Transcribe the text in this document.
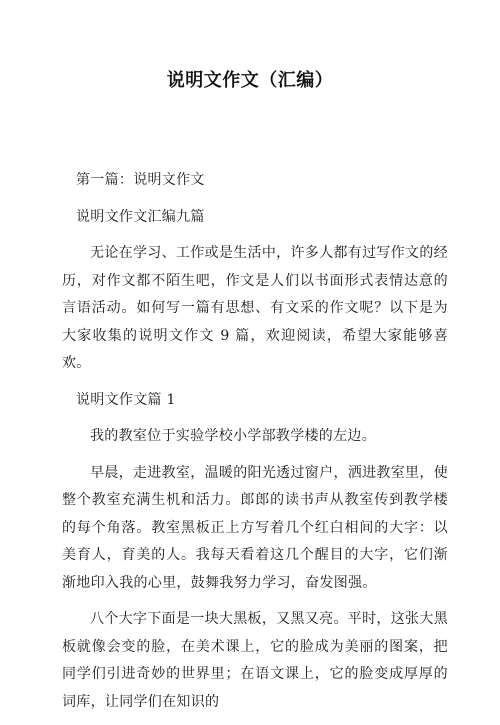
说明文作文（汇编）

第一篇：说明文作文

说明文作文汇编九篇

无论在学习、工作或是生活中，许多人都有过写作文的经历，对作文都不陌生吧，作文是人们以书面形式表情达意的言语活动。如何写一篇有思想、有文采的作文呢？以下是为大家收集的说明文作文 9 篇，欢迎阅读，希望大家能够喜欢。

说明文作文篇 1

我的教室位于实验学校小学部教学楼的左边。

早晨，走进教室，温暖的阳光透过窗户，洒进教室里，使整个教室充满生机和活力。郎郎的读书声从教室传到教学楼的每个角落。教室黑板正上方写着几个红白相间的大字：以美育人，育美的人。我每天看着这几个醒目的大字，它们渐渐地印入我的心里，鼓舞我努力学习，奋发图强。

八个大字下面是一块大黑板，又黑又亮。平时，这张大黑板就像会变的脸，在美术课上，它的脸成为美丽的图案，把同学们引进奇妙的世界里；在语文课上，它的脸变成厚厚的词库，让同学们在知识的
